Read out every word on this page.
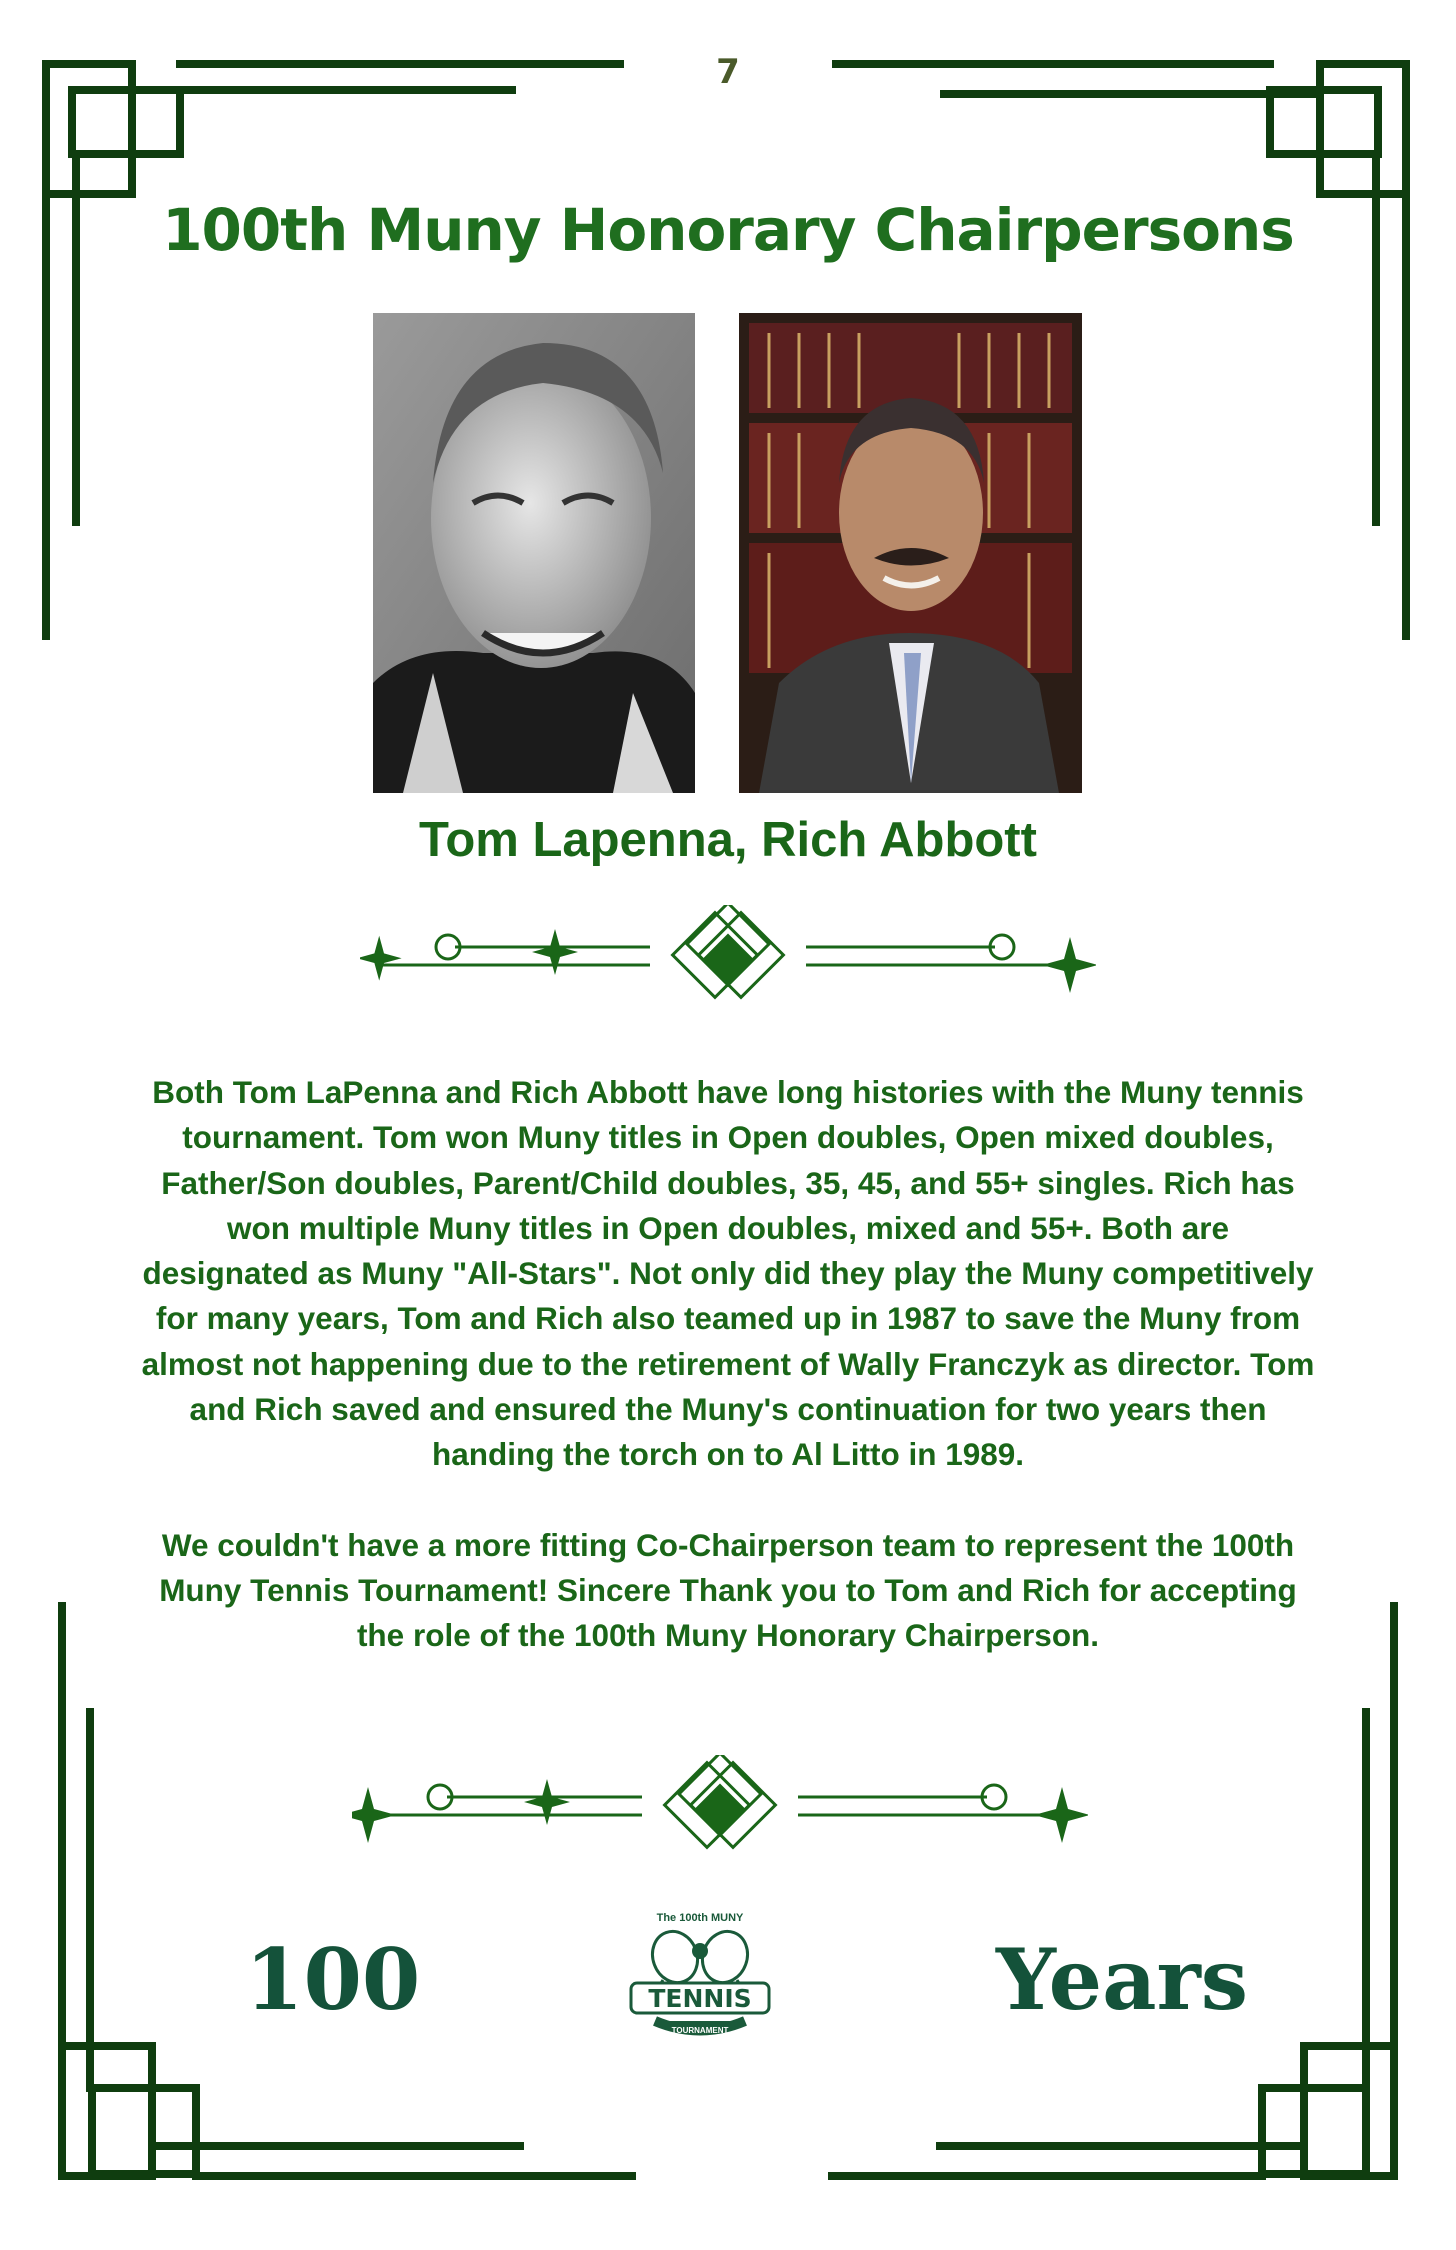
7
100th Muny Honorary Chairpersons
Tom Lapenna, Rich Abbott

Both Tom LaPenna and Rich Abbott have long histories with the Muny tennis tournament. Tom won Muny titles in Open doubles, Open mixed doubles, Father/Son doubles, Parent/Child doubles, 35, 45, and 55+ singles. Rich has won multiple Muny titles in Open doubles, mixed and 55+. Both are designated as Muny "All-Stars". Not only did they play the Muny competitively for many years, Tom and Rich also teamed up in 1987 to save the Muny from almost not happening due to the retirement of Wally Franczyk as director. Tom and Rich saved and ensured the Muny's continuation for two years then handing the torch on to Al Litto in 1989.

We couldn't have a more fitting Co-Chairperson team to represent the 100th Muny Tennis Tournament! Sincere Thank you to Tom and Rich for accepting the role of the 100th Muny Honorary Chairperson.

100
The 100th MUNY
TENNIS
TOURNAMENT
Years
